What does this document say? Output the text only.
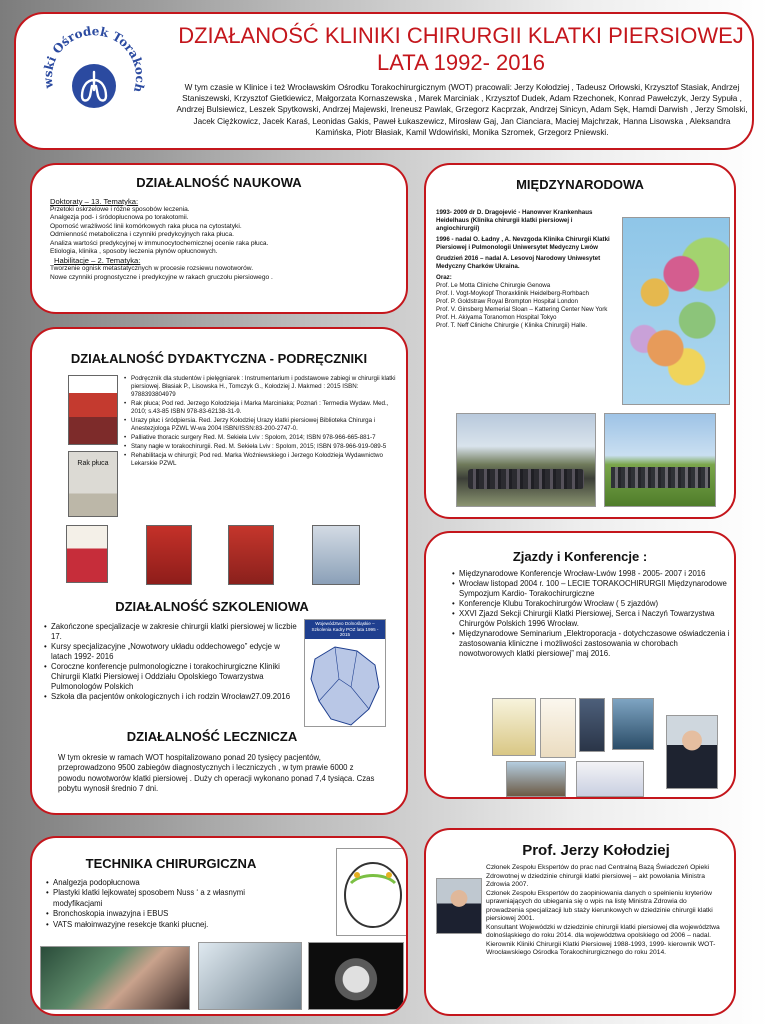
wski Ośrodek Torakoch
DZIAŁANOŚĆ KLINIKI CHIRURGII KLATKI PIERSIOWEJ
LATA 1992- 2016
W tym czasie w Klinice i też Wrocławskim Ośrodku Torakochirurgicznym (WOT) pracowali: Jerzy Kołodziej , Tadeusz Orłowski, Krzysztof Stasiak, Andrzej Staniszewski, Krzysztof Gietkiewicz, Małgorzata Kornaszewska , Marek Marciniak , Krzysztof Dudek, Adam Rzechonek, Konrad Pawełczyk, Jerzy Sypuła , Andrzej Bulsiewicz, Leszek Spytkowski, Andrzej Majewski, Ireneusz Pawlak, Grzegorz Kacprzak, Andrzej Sinicyn, Adam Sęk, Hamdi Darwish , Jerzy Smolski, Jacek Ciężkowicz, Jacek Karaś, Leonidas Gakis, Paweł Łukaszewicz, Mirosław Gaj, Jan Cianciara, Maciej Majchrzak, Hanna Lisowska , Aleksandra Kamińska, Piotr Błasiak, Kamil Wdowiński, Monika Szromek, Grzegorz Pniewski.
DZIAŁALNOŚĆ NAUKOWA
Doktoraty – 13. Tematyka:
Przetoki oskrzelowe i różne sposobów leczenia.
Analgezja pod- i śródopłucnowa po torakotomii.
Oporność wrażliwość linii komórkowych raka płuca na cytostatyki.
Odmienność metaboliczna i czynniki predykcyjnych raka płuca.
Analiza wartości predykcyjnej w immunocytochemicznej ocenie raka płuca.
Etiologia, klinika , sposoby leczenia płynów opłucnowych.
Habilitacje – 2. Tematyka:
Tworzenie ognisk metastatycznych w procesie rozsiewu nowotworów.
Nowe czynniki prognostyczne i predykcyjne w rakach gruczołu piersiowego .
MIĘDZYNARODOWA
1993- 2009 dr D. Dragojević - Hanowver Krankenhaus Heidelhaus (Klinika chirurgii klatki piersiowej i angiochirurgii)
1996 - nadal O. Ładny , A. Nevzgoda Klinika Chirurgii Klatki Piersiowej i Pulmonologii Uniwersytet Medyczny Lwów
Grudzień 2016 – nadal A. Lesovoj Narodowy Uniwesytet Medyczny Charków Ukraina.
Oraz:
Prof. Le Motta Cliniche Chirurgie Genowa
Prof. I. Vogt-Moykopf Thoraxklinik Heidelberg-Rorhbach
Prof. P. Goldstraw Royal Brompton Hospital London
Prof. V. Ginsberg Memerial Sloan – Kattering Center New York
Prof. H. Akiyama Toranomon Hospital Tokyo
Prof. T. Neff Cliniche Chirurgie ( Klinika Chirurgii) Halle.
DZIAŁALNOŚĆ DYDAKTYCZNA - PODRĘCZNIKI
Rak płuca
• Podręcznik dla studentów i pielęgniarek : Instrumentarium i podstawowe zabiegi w chirurgii klatki piersiowej. Błasiak P., Lisowska H., Tomczyk G., Kołodziej J. Makmed : 2015 ISBN: 9788393804979
• Rak płuca; Pod red. Jerzego Kołodzieja i Marka Marciniaka; Poznań : Termedia Wydaw. Med., 2010; s.43-85 ISBN 978-83-62138-31-9.
• Urazy płuc i śródpiersia. Red. Jerzy Kołodziej Urazy klatki piersiowej Biblioteka Chirurga i Anestezjologa PZWL W-wa 2004 ISBN/ISSN:83-200-2747-0.
• Palliative thoracic surgery Red. M. Sekieła Lviv : Spolom, 2014; ISBN 978-966-665-881-7
• Stany nagłe w torakochirurgii. Red. M. Sekieła Lviv : Spolom, 2015; ISBN 978-966-919-089-5
• Rehabilitacja w chirurgii; Pod red. Marka Woźniewskiego i Jerzego Kołodzieja Wydawnictwo Lekarskie PZWL
DZIAŁALNOŚĆ SZKOLENIOWA
• Zakończone specjalizacje w zakresie chirurgii klatki piersiowej w liczbie 17.
• Kursy specjalizacyjne „Nowotwory układu oddechowego” edycje w latach 1992- 2016
• Coroczne konferencje pulmonologiczne i torakochirurgiczne Kliniki Chirurgii Klatki Piersiowej i Oddziału Opolskiego Towarzystwa Pulmonologów Polskich
• Szkoła dla pacjentów onkologicznych i ich rodzin Wrocław27.09.2016
Województwo Dolnośląskie – Szkolenia Kadry POZ lata 1995 - 2015
DZIAŁALNOŚĆ LECZNICZA
W tym okresie w ramach WOT hospitalizowano ponad 20 tysięcy pacjentów, przeprowadzono 9500 zabiegów diagnostycznych i leczniczych , w tym prawie 6000 z powodu nowotworów klatki piersiowej . Duży ch operacji wykonano ponad 7,4 tysiąca. Czas pobytu wynosił średnio 7 dni.
Zjazdy i Konferencje :
• Międzynarodowe Konferencje Wrocław-Lwów 1998 - 2005- 2007 i 2016
• Wrocław listopad 2004 r. 100 – LECIE TORAKOCHIRURGII Międzynarodowe Sympozjum Kardio- Torakochirurgiczne
• Konferencje Klubu Torakochirurgów Wrocław ( 5 zjazdów)
• XXVI Zjazd Sekcji Chirurgii Klatki Piersiowej, Serca i Naczyń Towarzystwa Chirurgów Polskich 1996 Wrocław.
• Międzynarodowe Seminarium „Elektroporacja - dotychczasowe oświadczenia i zastosowania kliniczne i możliwości zastosowania w chorobach nowotworowych klatki piersiowej” maj 2016.
TECHNIKA CHIRURGICZNA
• Analgezja podopłucnowa
• Plastyki klatki lejkowatej sposobem Nuss ‘ a z własnymi modyfikacjami
• Bronchoskopia inwazyjna i EBUS
• VATS małoinwazyjne resekcje tkanki płucnej.
Prof. Jerzy Kołodziej
Członek Zespołu Ekspertów do prac nad Centralną Bazą Świadczeń Opieki Zdrowotnej w dziedzinie chirurgii klatki piersiowej – akt powołania Ministra Zdrowia 2007.
Członek Zespołu Ekspertów do zaopiniowania danych o spełnieniu kryteriów uprawniających do ubiegania się o wpis na listę Ministra Zdrowia do prowadzenia specjalizacji lub staży kierunkowych w dziedzinie chirurgii klatki piersiowej 2001.
Konsultant Wojewódzki w dziedzinie chirurgii klatki piersiowej dla województwa dolnośląskiego do roku 2014. dla województwa opolskiego od 2006 – nadal.
Kierownik Kliniki Chirurgii Klatki Piersiowej 1988-1993, 1999- kierownik WOT- Wrocławskiego Ośrodka Torakochirurgicznego do roku 2014.
